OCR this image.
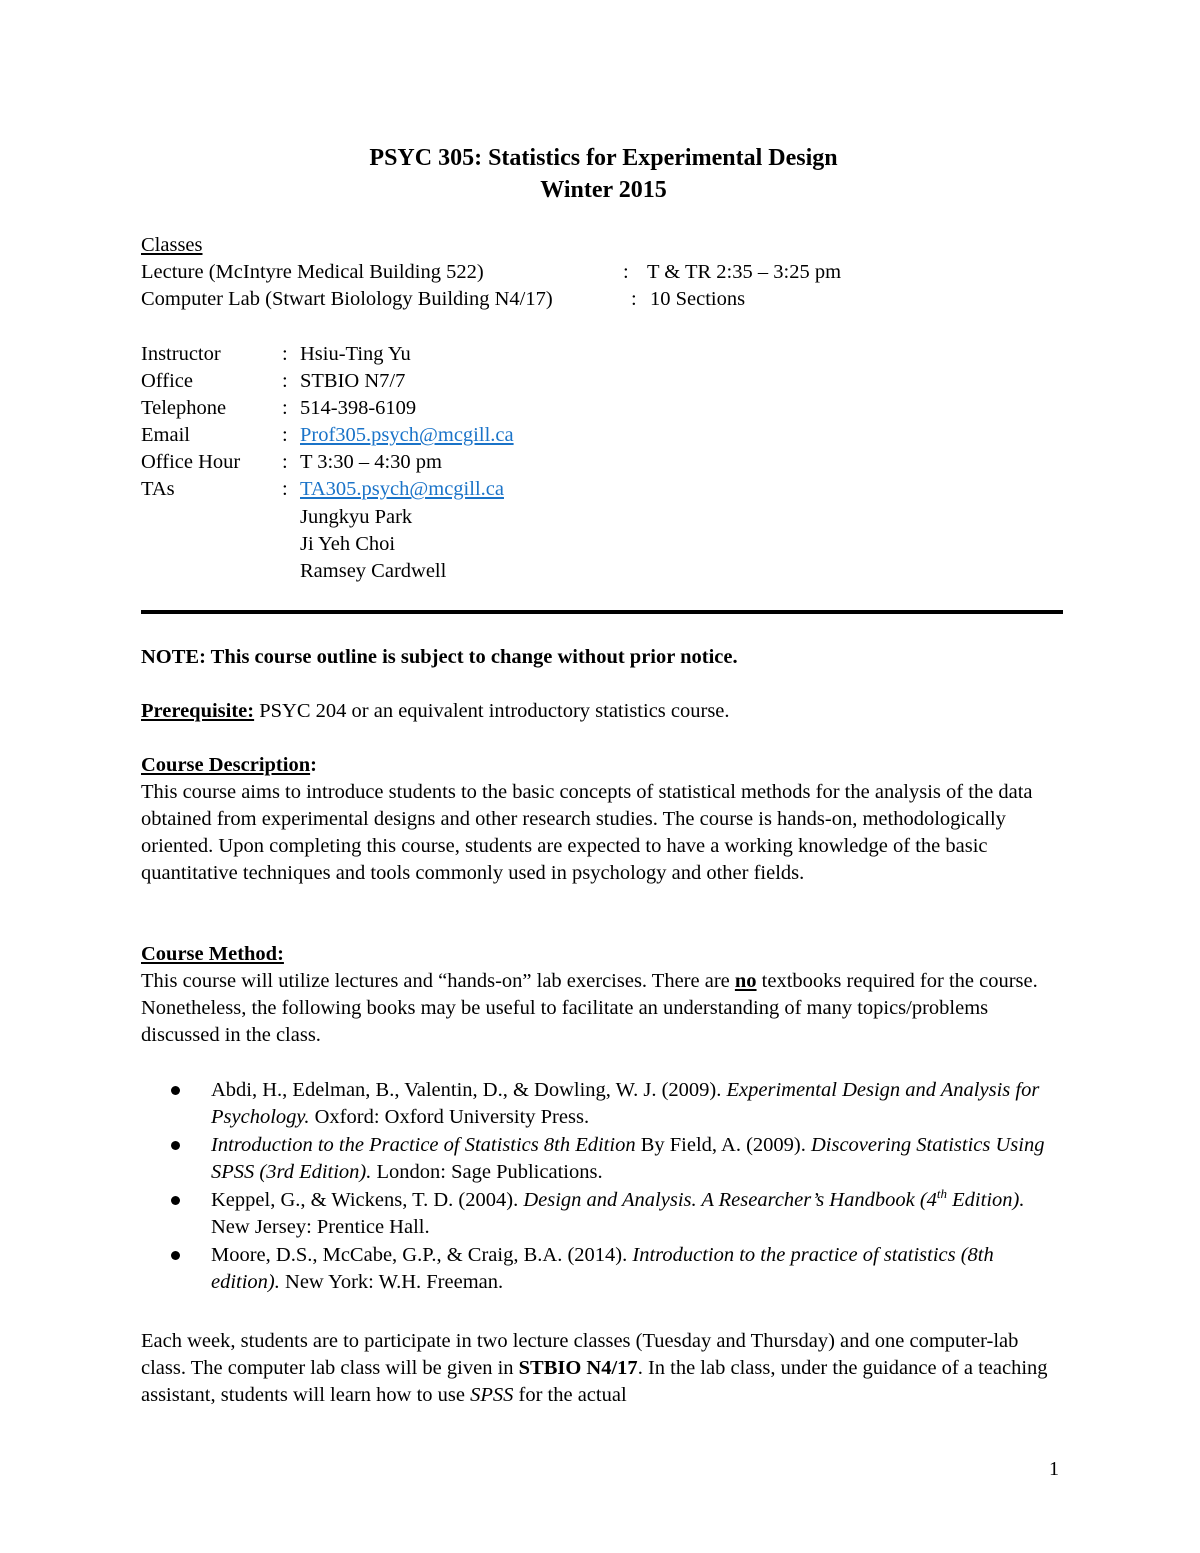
PSYC 305: Statistics for Experimental Design
Winter 2015
Classes
Lecture (McIntyre Medical Building 522)	: T & TR 2:35 – 3:25 pm
Computer Lab (Stwart Biolology Building N4/17)	: 10 Sections
Instructor	: Hsiu-Ting Yu
Office	: STBIO N7/7
Telephone	: 514-398-6109
Email	: Prof305.psych@mcgill.ca
Office Hour : T 3:30 – 4:30 pm
TAs	: TA305.psych@mcgill.ca
Jungkyu Park
Ji Yeh Choi
Ramsey Cardwell
NOTE: This course outline is subject to change without prior notice.
Prerequisite: PSYC 204 or an equivalent introductory statistics course.
Course Description:
This course aims to introduce students to the basic concepts of statistical methods for the analysis of the data obtained from experimental designs and other research studies. The course is hands-on, methodologically oriented. Upon completing this course, students are expected to have a working knowledge of the basic quantitative techniques and tools commonly used in psychology and other fields.
Course Method:
This course will utilize lectures and “hands-on” lab exercises. There are no textbooks required for the course. Nonetheless, the following books may be useful to facilitate an understanding of many topics/problems discussed in the class.
Abdi, H., Edelman, B., Valentin, D., & Dowling, W. J. (2009). Experimental Design and Analysis for Psychology. Oxford: Oxford University Press.
Introduction to the Practice of Statistics 8th Edition By Field, A. (2009). Discovering Statistics Using SPSS (3rd Edition). London: Sage Publications.
Keppel, G., & Wickens, T. D. (2004). Design and Analysis. A Researcher’s Handbook (4th Edition). New Jersey: Prentice Hall.
Moore, D.S., McCabe, G.P., & Craig, B.A. (2014). Introduction to the practice of statistics (8th edition). New York: W.H. Freeman.
Each week, students are to participate in two lecture classes (Tuesday and Thursday) and one computer-lab class. The computer lab class will be given in STBIO N4/17. In the lab class, under the guidance of a teaching assistant, students will learn how to use SPSS for the actual
1
